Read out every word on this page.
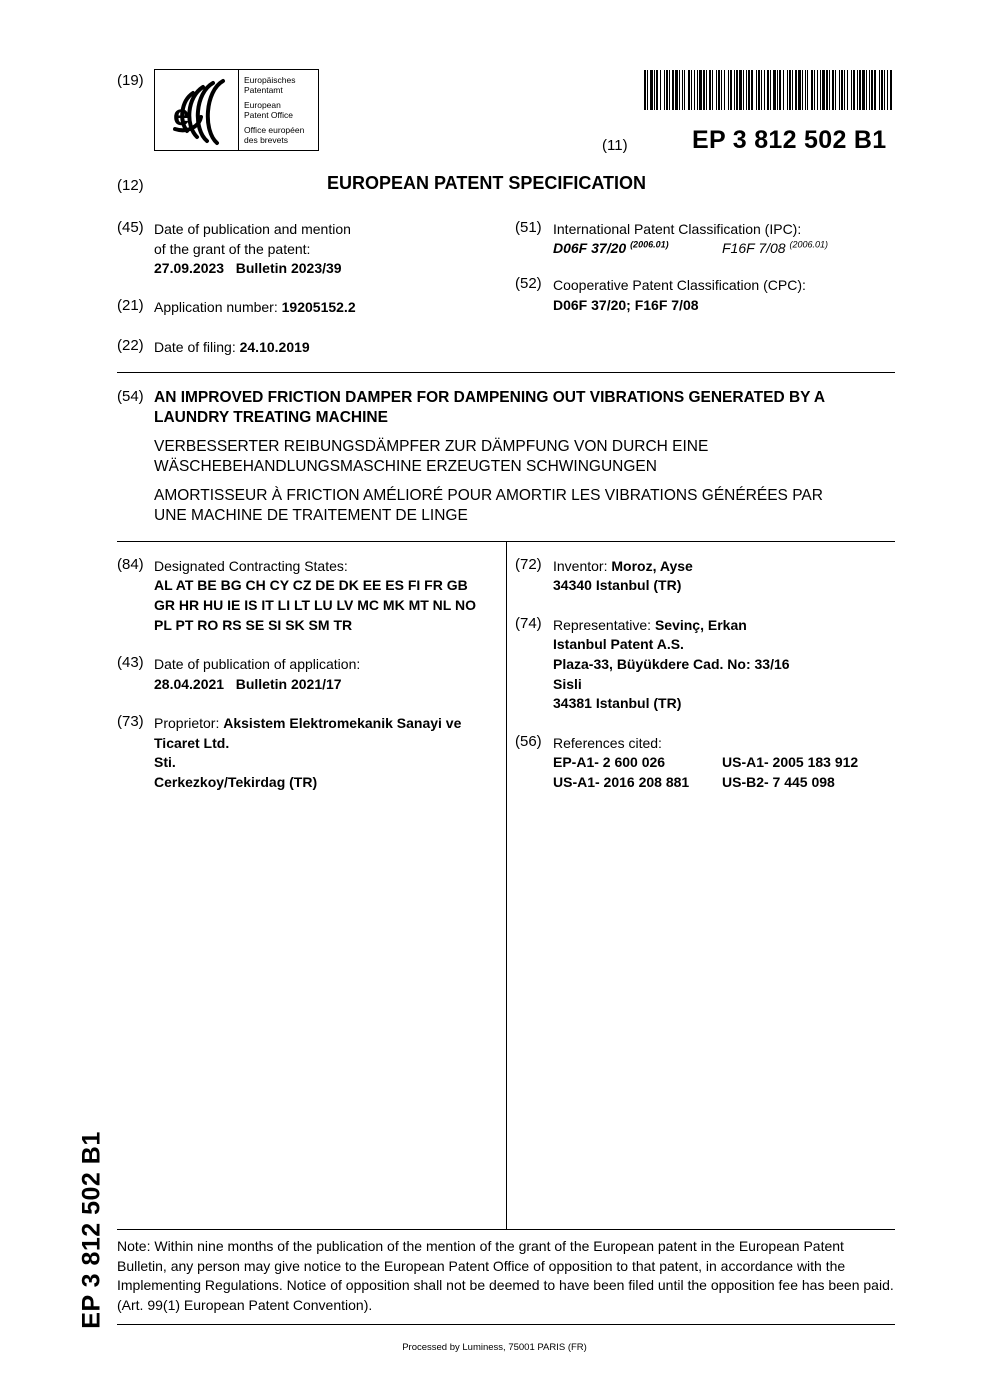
(19)
e
Europäisches
Patentamt
European
Patent Office
Office européen
des brevets	(11)	EP 3 812 502 B1
(12)	EUROPEAN PATENT SPECIFICATION
(45) Date of publication and mention
of the grant of the patent:
27.09.2023   Bulletin 2023/39
(21) Application number: 19205152.2
(22) Date of filing: 24.10.2019
(51) International Patent Classification (IPC):
D06F 37/20 $^{(2006.01)}$	F16F 7/08 $^{(2006.01)}$
(52) Cooperative Patent Classification (CPC):
D06F 37/20; F16F 7/08
(54) AN IMPROVED FRICTION DAMPER FOR DAMPENING OUT VIBRATIONS GENERATED BY A
LAUNDRY TREATING MACHINE
VERBESSERTER REIBUNGSDÄMPFER ZUR DÄMPFUNG VON DURCH EINE
WÄSCHEBEHANDLUNGSMASCHINE ERZEUGTEN SCHWINGUNGEN
AMORTISSEUR À FRICTION AMÉLIORÉ POUR AMORTIR LES VIBRATIONS GÉNÉRÉES PAR
UNE MACHINE DE TRAITEMENT DE LINGE
(84) Designated Contracting States:
AL AT BE BG CH CY CZ DE DK EE ES FI FR GB
GR HR HU IE IS IT LI LT LU LV MC MK MT NL NO
PL PT RO RS SE SI SK SM TR
(43) Date of publication of application:
28.04.2021   Bulletin 2021/17
(73) Proprietor: Aksistem Elektromekanik Sanayi ve
Ticaret Ltd.
Sti.
Cerkezkoy/Tekirdag (TR)
(72) Inventor: Moroz, Ayse
34340 Istanbul (TR)
(74) Representative: Sevinç, Erkan
Istanbul Patent A.S.
Plaza-33, Büyükdere Cad. No: 33/16
Sisli
34381 Istanbul (TR)
(56) References cited:
EP-A1- 2 600 026	US-A1- 2005 183 912
US-A1- 2016 208 881 US-B2- 7 445 098
EP 3 812 502 B1 Note: Within nine months of the publication of the mention of the grant of the European patent in the European Patent Bulletin, any person may give notice to the European Patent Office of opposition to that patent, in accordance with the Implementing Regulations. Notice of opposition shall not be deemed to have been filed until the opposition fee has been paid. (Art. 99(1) European Patent Convention).
Processed by Luminess, 75001 PARIS (FR)
